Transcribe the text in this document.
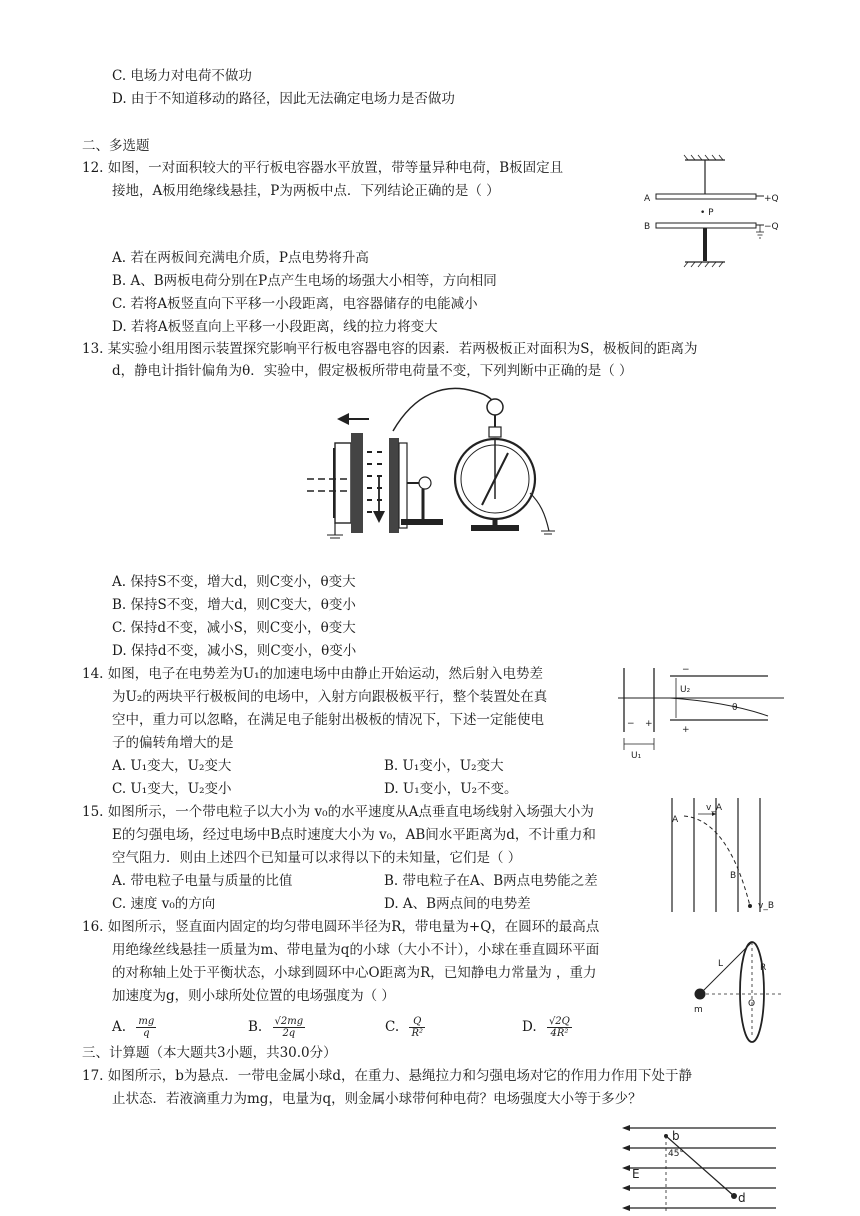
C. 电场力对电荷不做功
D. 由于不知道移动的路径，因此无法确定电场力是否做功
二、多选题
12. 如图，一对面积较大的平行板电容器水平放置，带等量异种电荷，B板固定且
接地，A板用绝缘线悬挂，P为两板中点．下列结论正确的是（ ）
A. 若在两板间充满电介质，P点电势将升高
B. A、B两板电荷分别在P点产生电场的场强大小相等，方向相同
C. 若将A板竖直向下平移一小段距离，电容器储存的电能减小
D. 若将A板竖直向上平移一小段距离，线的拉力将变大
A	+Q
• P
B	−Q
13. 某实验小组用图示装置探究影响平行板电容器电容的因素．若两极板正对面积为S，极板间的距离为
d，静电计指针偏角为θ．实验中，假定极板所带电荷量不变，下列判断中正确的是（ ）
A. 保持S不变，增大d，则C变小，θ变大
B. 保持S不变，增大d，则C变大，θ变小
C. 保持d不变，减小S，则C变小，θ变大
D. 保持d不变，减小S，则C变小，θ变小
14. 如图，电子在电势差为U₁的加速电场中由静止开始运动，然后射入电势差
为U₂的两块平行极板间的电场中，入射方向跟极板平行，整个装置处在真
空中，重力可以忽略，在满足电子能射出极板的情况下，下述一定能使电
子的偏转角增大的是
A. U₁变大，U₂变大	B. U₁变小，U₂变大
C. U₁变大，U₂变小	D. U₁变小，U₂不变。
−
U₂
θ
+
− +
U₁
15. 如图所示，一个带电粒子以大小为 v₀的水平速度从A点垂直电场线射入场强大小为
E的匀强电场，经过电场中B点时速度大小为 v₀，AB间水平距离为d，不计重力和
空气阻力．则由上述四个已知量可以求得以下的未知量，它们是（ ）
A. 带电粒子电量与质量的比值	B. 带电粒子在A、B两点电势能之差
C. 速度 v₀的方向	D. A、B两点间的电势差
v_A
A
B
v_B
16. 如图所示，竖直面内固定的均匀带电圆环半径为R，带电量为+Q，在圆环的最高点
用绝缘丝线悬挂一质量为m、带电量为q的小球（大小不计），小球在垂直圆环平面
的对称轴上处于平衡状态，小球到圆环中心O距离为R，已知静电力常量为 ，重力
加速度为g，则小球所处位置的电场强度为（ ）
A. $\frac{mg}{q}$	B. $\frac{√2mg}{2q}$	C. $\frac{Q}{\text{R²}}$	D. $\frac{√2Q}{\text{4R²}}$
L	R
O
m
三、计算题（本大题共3小题，共30.0分）
17. 如图所示，b为悬点．一带电金属小球d，在重力、悬绳拉力和匀强电场对它的作用力作用下处于静
止状态．若液滴重力为mg，电量为q，则金属小球带何种电荷？电场强度大小等于多少？
b
45°
E
d
